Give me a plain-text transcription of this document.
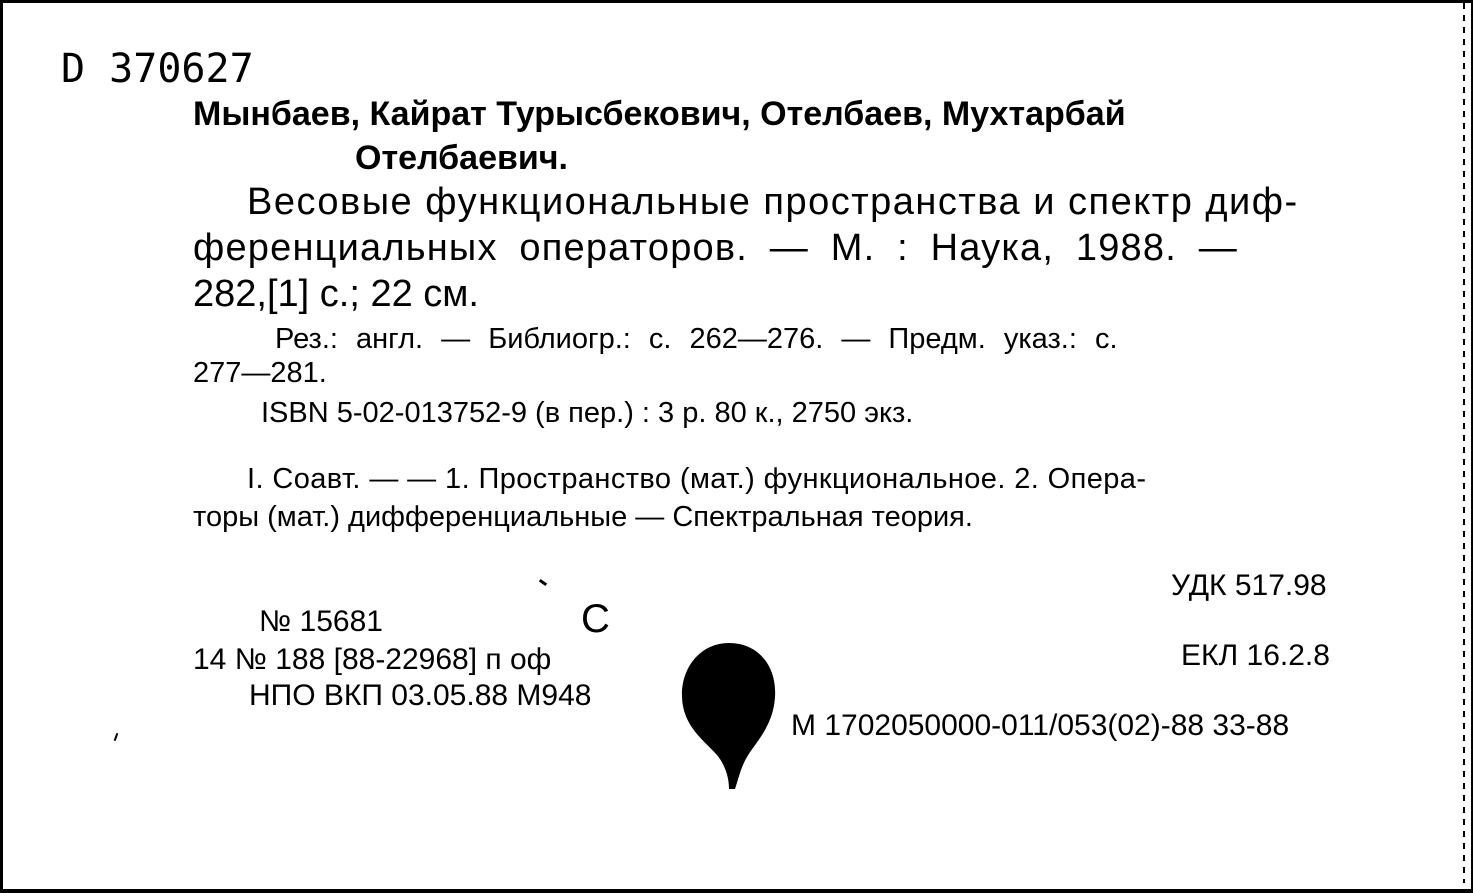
D 370627
Мынбаев, Кайрат Турысбекович, Отелбаев, Мухтарбай
Отелбаевич.
Весовые функциональные пространства и спектр диф-
ференциальных операторов. — М. : Наука, 1988. —
282,[1] с.; 22 см.
Рез.: англ. — Библиогр.: с. 262—276. — Предм. указ.: с.
277—281.
ISBN 5-02-013752-9 (в пер.) : 3 р. 80 к., 2750 экз.
I. Соавт. — — 1. Пространство (мат.) функциональное. 2. Опера-
торы (мат.) дифференциальные — Спектральная теория.
УДК 517.98
№ 15681	С
ЕКЛ 16.2.8
14 № 188 [88-22968] п оф
НПО ВКП 03.05.88 М948
М 1702050000-011/053(02)-88 33-88
